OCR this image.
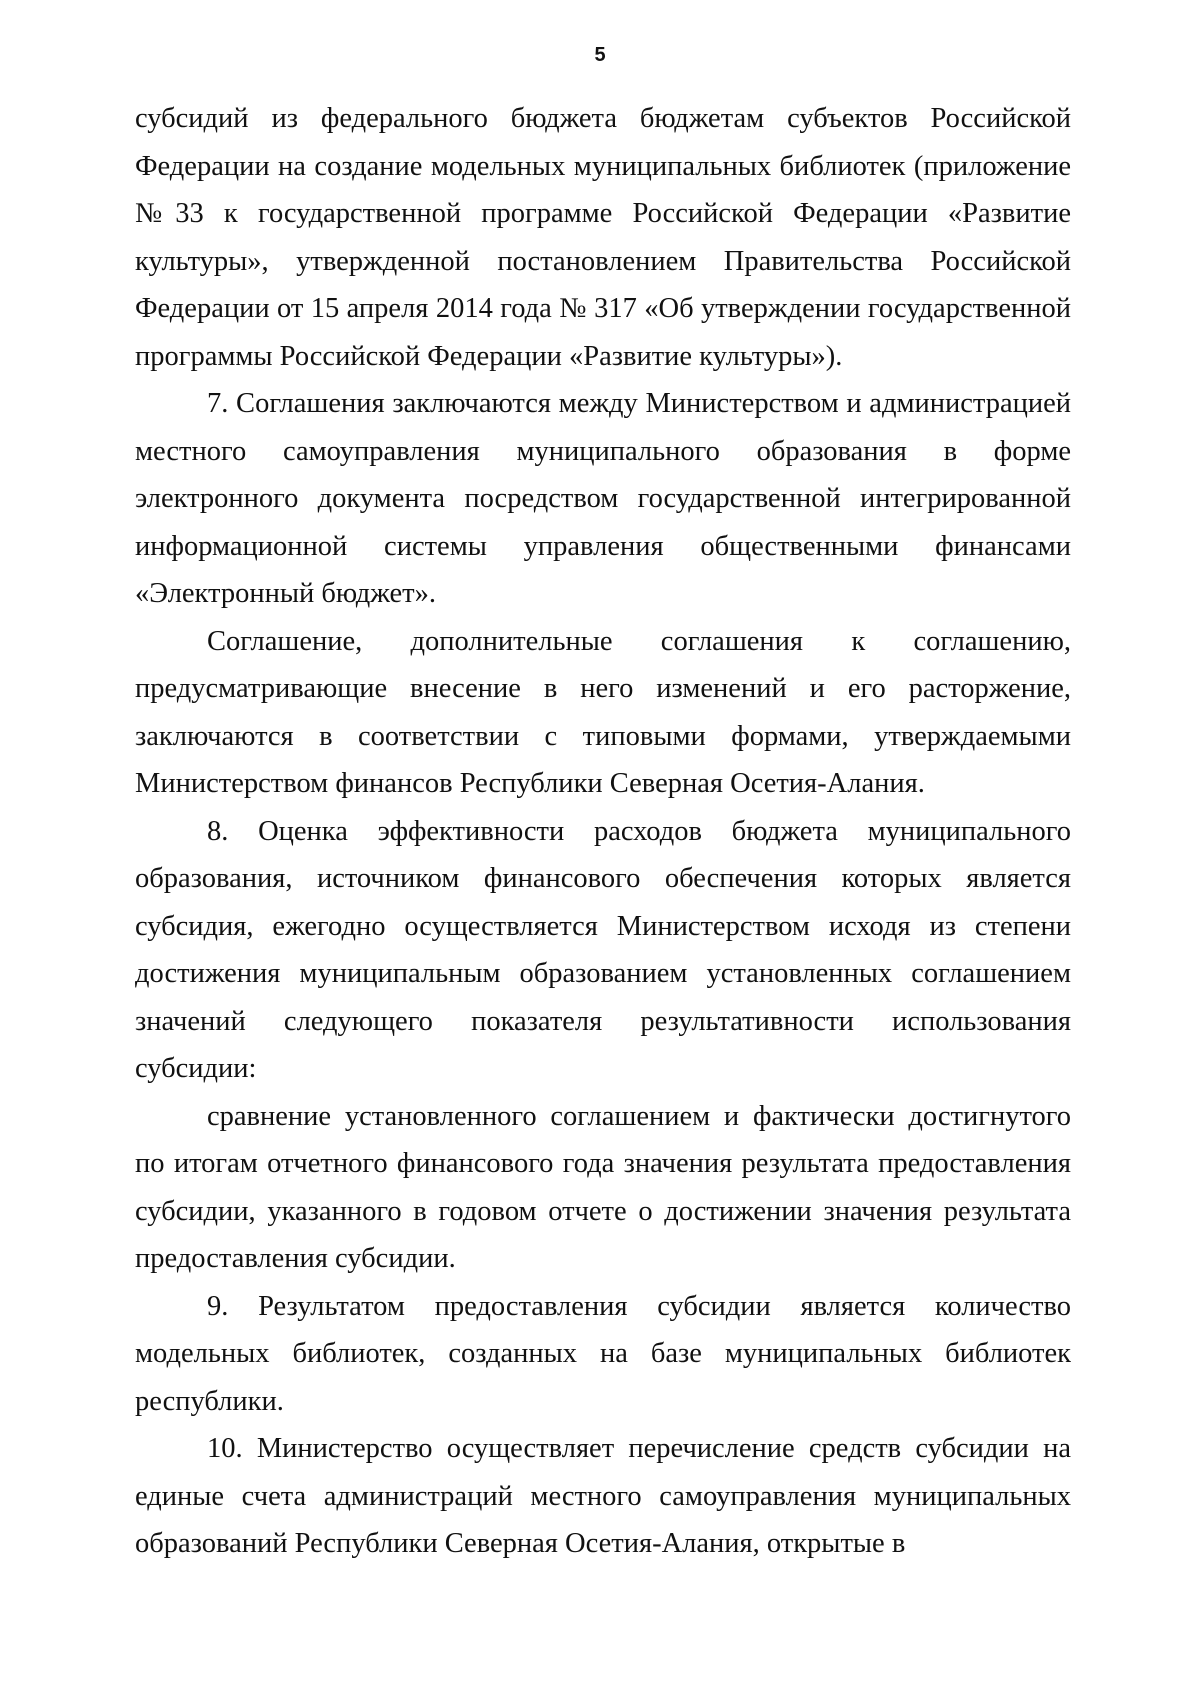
5

субсидий из федерального бюджета бюджетам субъектов Российской Федерации на создание модельных муниципальных библиотек (приложение №33 к государственной программе Российской Федерации «Развитие культуры», утвержденной постановлением Правительства Российской Федерации от 15 апреля 2014 года № 317 «Об утверждении государственной программы Российской Федерации «Развитие культуры»).

7. Соглашения заключаются между Министерством и администрацией местного самоуправления муниципального образования в форме электронного документа посредством государственной интегрированной информационной системы управления общественными финансами «Электронный бюджет».

Соглашение, дополнительные соглашения к соглашению, предусматривающие внесение в него изменений и его расторжение, заключаются в соответствии с типовыми формами, утверждаемыми Министерством финансов Республики Северная Осетия-Алания.

8. Оценка эффективности расходов бюджета муниципального образования, источником финансового обеспечения которых является субсидия, ежегодно осуществляется Министерством исходя из степени достижения муниципальным образованием установленных соглашением значений следующего показателя результативности использования субсидии:

сравнение установленного соглашением и фактически достигнутого по итогам отчетного финансового года значения результата предоставления субсидии, указанного в годовом отчете о достижении значения результата предоставления субсидии.

9. Результатом предоставления субсидии является количество модельных библиотек, созданных на базе муниципальных библиотек республики.

10. Министерство осуществляет перечисление средств субсидии на единые счета администраций местного самоуправления муниципальных образований Республики Северная Осетия-Алания, открытые в
